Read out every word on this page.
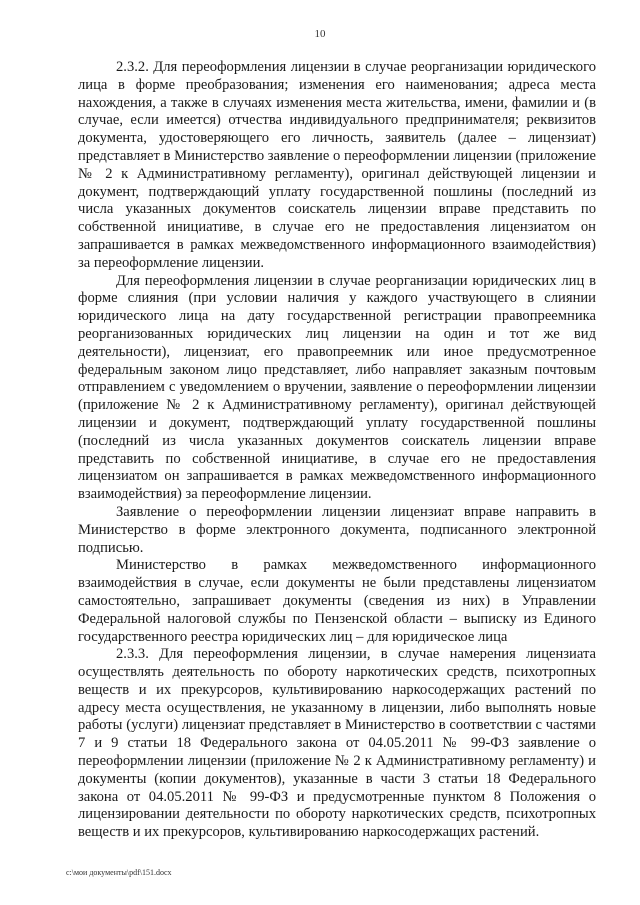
10

2.3.2. Для переоформления лицензии в случае реорганизации юридического лица в форме преобразования; изменения его наименования; адреса места нахождения, а также в случаях изменения места жительства, имени, фамилии и (в случае, если имеется) отчества индивидуального предпринимателя; реквизитов документа, удостоверяющего его личность, заявитель (далее – лицензиат) представляет в Министерство заявление о переоформлении лицензии (приложение № 2 к Административному регламенту), оригинал действующей лицензии и документ, подтверждающий уплату государственной пошлины (последний из числа указанных документов соискатель лицензии вправе представить по собственной инициативе, в случае его не предоставления лицензиатом он запрашивается в рамках межведомственного информационного взаимодействия) за переоформление лицензии.

Для переоформления лицензии в случае реорганизации юридических лиц в форме слияния (при условии наличия у каждого участвующего в слиянии юридического лица на дату государственной регистрации правопреемника реорганизованных юридических лиц лицензии на один и тот же вид деятельности), лицензиат, его правопреемник или иное предусмотренное федеральным законом лицо представляет, либо направляет заказным почтовым отправлением с уведомлением о вручении, заявление о переоформлении лицензии (приложение № 2 к Административному регламенту), оригинал действующей лицензии и документ, подтверждающий уплату государственной пошлины (последний из числа указанных документов соискатель лицензии вправе представить по собственной инициативе, в случае его не предоставления лицензиатом он запрашивается в рамках межведомственного информационного взаимодействия) за переоформление лицензии.

Заявление о переоформлении лицензии лицензиат вправе направить в Министерство в форме электронного документа, подписанного электронной подписью.

Министерство в рамках межведомственного информационного взаимодействия в случае, если документы не были представлены лицензиатом самостоятельно, запрашивает документы (сведения из них) в Управлении Федеральной налоговой службы по Пензенской области – выписку из Единого государственного реестра юридических лиц – для юридическое лица

2.3.3. Для переоформления лицензии, в случае намерения лицензиата осуществлять деятельность по обороту наркотических средств, психотропных веществ и их прекурсоров, культивированию наркосодержащих растений по адресу места осуществления, не указанному в лицензии, либо выполнять новые работы (услуги) лицензиат представляет в Министерство в соответствии с частями 7 и 9 статьи 18 Федерального закона от 04.05.2011 № 99-ФЗ заявление о переоформлении лицензии (приложение № 2 к Административному регламенту) и документы (копии документов), указанные в части 3 статьи 18 Федерального закона от 04.05.2011 № 99-ФЗ и предусмотренные пунктом 8 Положения о лицензировании деятельности по обороту наркотических средств, психотропных веществ и их прекурсоров, культивированию наркосодержащих растений.

c:\мои документы\pdf\151.docx
